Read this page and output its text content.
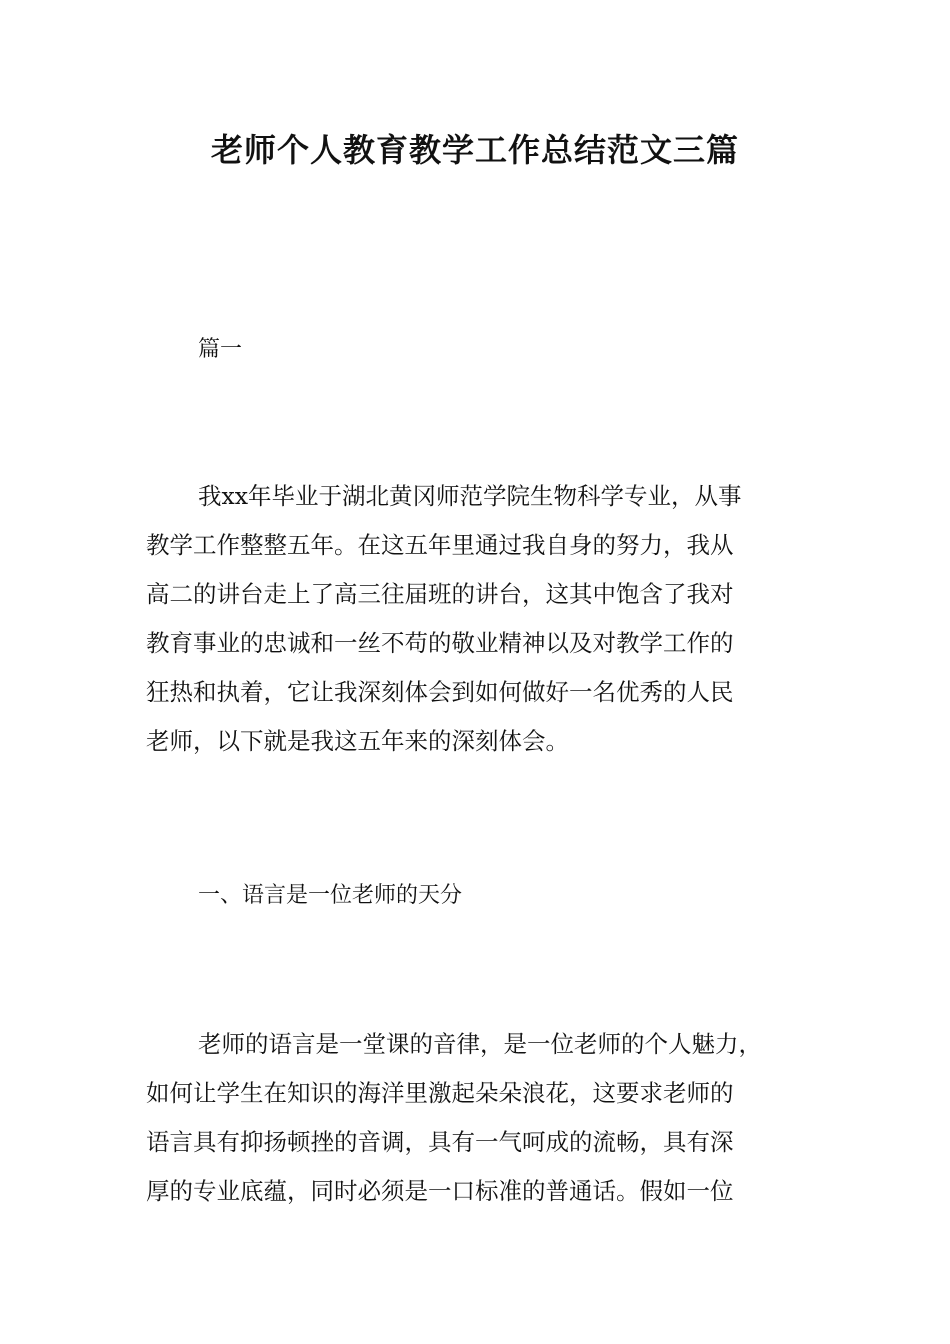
老师个人教育教学工作总结范文三篇

篇一

我xx年毕业于湖北黄冈师范学院生物科学专业，从事
教学工作整整五年。在这五年里通过我自身的努力，我从
高二的讲台走上了高三往届班的讲台，这其中饱含了我对
教育事业的忠诚和一丝不苟的敬业精神以及对教学工作的
狂热和执着，它让我深刻体会到如何做好一名优秀的人民
老师，以下就是我这五年来的深刻体会。

一、语言是一位老师的天分

老师的语言是一堂课的音律，是一位老师的个人魅力，
如何让学生在知识的海洋里激起朵朵浪花，这要求老师的
语言具有抑扬顿挫的音调，具有一气呵成的流畅，具有深
厚的专业底蕴，同时必须是一口标准的普通话。假如一位
